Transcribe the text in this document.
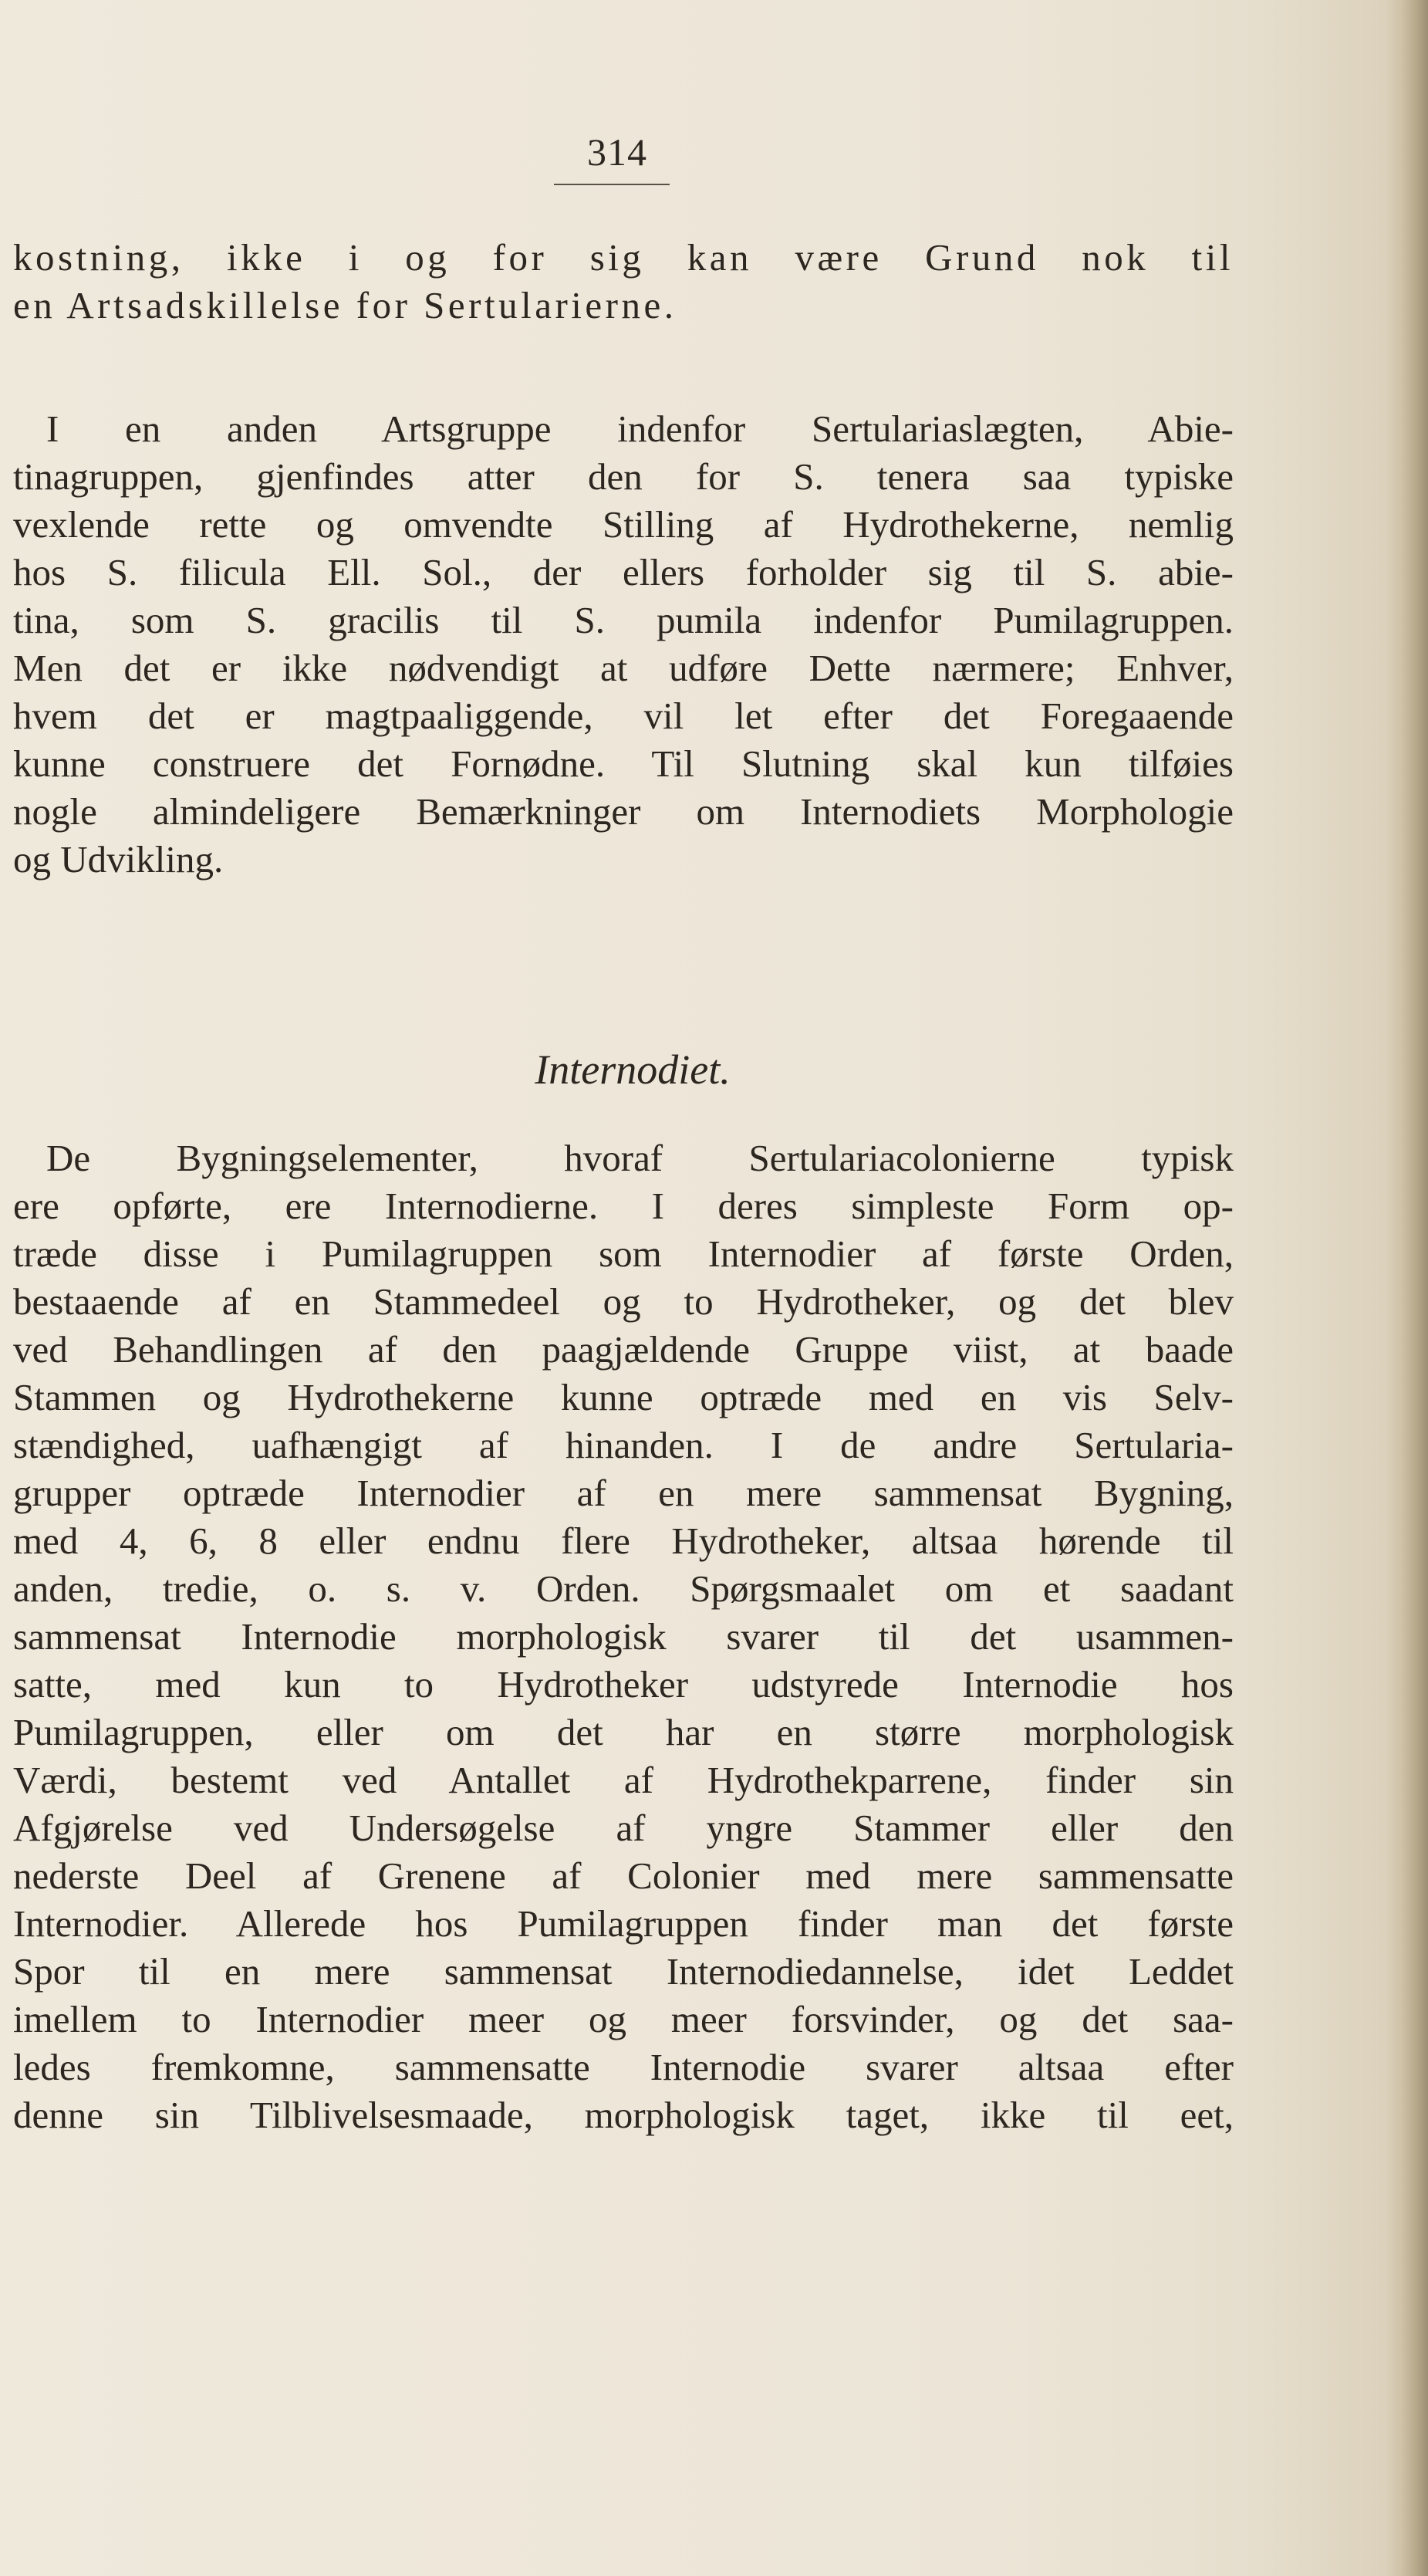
314
kostning, ikke i og for sig kan være Grund nok til
en Artsadskillelse for Sertularierne.
I en anden Artsgruppe indenfor Sertulariaslægten, Abie-
tinagruppen, gjenfindes atter den for S. tenera saa typiske
vexlende rette og omvendte Stilling af Hydrothekerne, nemlig
hos S. filicula Ell. Sol., der ellers forholder sig til S. abie-
tina, som S. gracilis til S. pumila indenfor Pumilagruppen.
Men det er ikke nødvendigt at udføre Dette nærmere; Enhver,
hvem det er magtpaaliggende, vil let efter det Foregaaende
kunne construere det Fornødne. Til Slutning skal kun tilføies
nogle almindeligere Bemærkninger om Internodiets Morphologie
og Udvikling.
Internodiet.
De Bygningselementer, hvoraf Sertulariacolonierne typisk
ere opførte, ere Internodierne. I deres simpleste Form op-
træde disse i Pumilagruppen som Internodier af første Orden,
bestaaende af en Stammedeel og to Hydrotheker, og det blev
ved Behandlingen af den paagjældende Gruppe viist, at baade
Stammen og Hydrothekerne kunne optræde med en vis Selv-
stændighed, uafhængigt af hinanden. I de andre Sertularia-
grupper optræde Internodier af en mere sammensat Bygning,
med 4, 6, 8 eller endnu flere Hydrotheker, altsaa hørende til
anden, tredie, o. s. v. Orden. Spørgsmaalet om et saadant
sammensat Internodie morphologisk svarer til det usammen-
satte, med kun to Hydrotheker udstyrede Internodie hos
Pumilagruppen, eller om det har en større morphologisk
Værdi, bestemt ved Antallet af Hydrothekparrene, finder sin
Afgjørelse ved Undersøgelse af yngre Stammer eller den
nederste Deel af Grenene af Colonier med mere sammensatte
Internodier. Allerede hos Pumilagruppen finder man det første
Spor til en mere sammensat Internodiedannelse, idet Leddet
imellem to Internodier meer og meer forsvinder, og det saa-
ledes fremkomne, sammensatte Internodie svarer altsaa efter
denne sin Tilblivelsesmaade, morphologisk taget, ikke til eet,
